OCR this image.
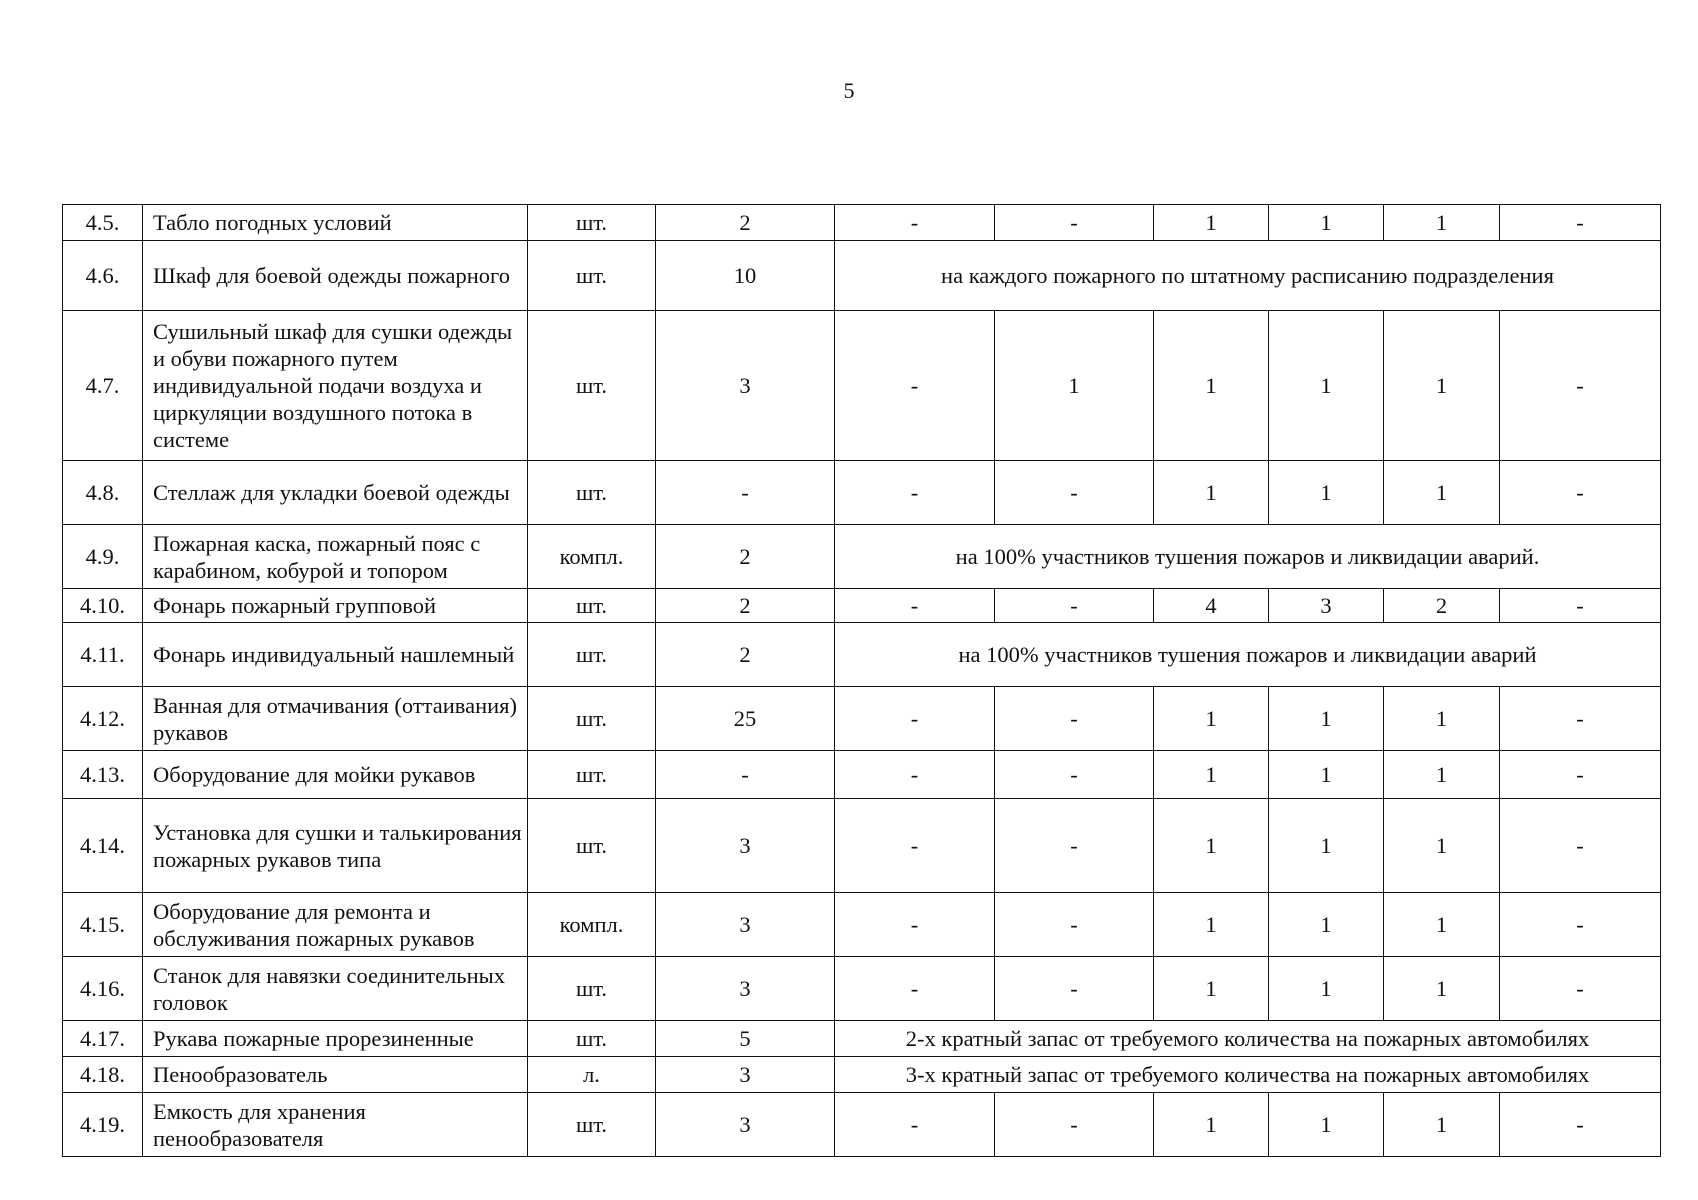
5
4.5.	Табло погодных условий	шт.	2	-	-	1	1	1	-
4.6.	Шкаф для боевой одежды пожарного	шт.	10	на каждого пожарного по штатному расписанию подразделения					
4.7.	Сушильный шкаф для сушки одежды и обуви пожарного путем индивидуальной подачи воздуха и циркуляции воздушного потока в системе	шт.	3	-	1	1	1	1	-
4.8.	Стеллаж для укладки боевой одежды	шт.	-	-	-	1	1	1	-
4.9.	Пожарная каска, пожарный пояс с карабином, кобурой и топором	компл.	2	на 100% участников тушения пожаров и ликвидации аварий.					
4.10.	Фонарь пожарный групповой	шт.	2	-	-	4	3	2	-
4.11.	Фонарь индивидуальный нашлемный	шт.	2	на 100% участников тушения пожаров и ликвидации аварий					
4.12.	Ванная для отмачивания (оттаивания) рукавов	шт.	25	-	-	1	1	1	-
4.13.	Оборудование для мойки рукавов	шт.	-	-	-	1	1	1	-
4.14.	Установка для сушки и талькирования пожарных рукавов типа	шт.	3	-	-	1	1	1	-
4.15.	Оборудование для ремонта и обслуживания пожарных рукавов	компл.	3	-	-	1	1	1	-
4.16.	Станок для навязки соединительных головок	шт.	3	-	-	1	1	1	-
4.17.	Рукава пожарные прорезиненные	шт.	5	2-х кратный запас от требуемого количества на пожарных автомобилях					
4.18.	Пенообразователь	л.	3	3-х кратный запас от требуемого количества на пожарных автомобилях					
4.19.	Емкость для хранения пенообразователя	шт.	3	-	-	1	1	1	-
